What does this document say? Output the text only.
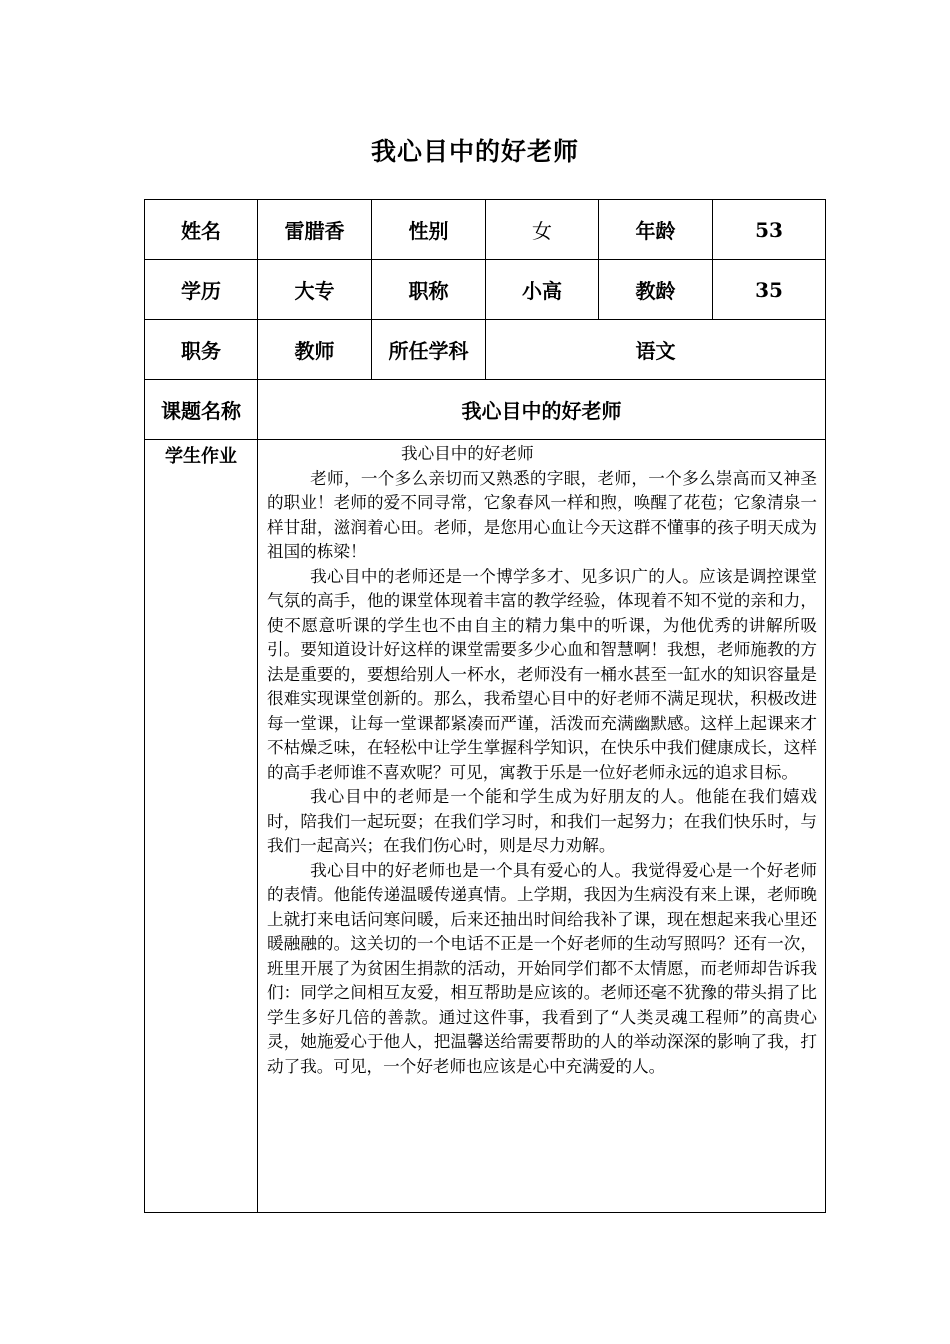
我心目中的好老师
姓名	雷腊香	性别	女	年龄	53
学历	大专	职称	小高	教龄	35
职务	教师	所任学科	语文		
课题名称	我心目中的好老师				
学生作业	我心目中的好老师

老师，一个多么亲切而又熟悉的字眼，老师，一个多么崇高而又神圣的职业！老师的爱不同寻常，它象春风一样和煦，唤醒了花苞；它象清泉一样甘甜，滋润着心田。老师，是您用心血让今天这群不懂事的孩子明天成为祖国的栋梁！

我心目中的老师还是一个博学多才、见多识广的人。应该是调控课堂气氛的高手，他的课堂体现着丰富的教学经验，体现着不知不觉的亲和力，使不愿意听课的学生也不由自主的精力集中的听课，为他优秀的讲解所吸引。要知道设计好这样的课堂需要多少心血和智慧啊！我想，老师施教的方法是重要的，要想给别人一杯水，老师没有一桶水甚至一缸水的知识容量是很难实现课堂创新的。那么，我希望心目中的好老师不满足现状，积极改进每一堂课，让每一堂课都紧凑而严谨，活泼而充满幽默感。这样上起课来才不枯燥乏味，在轻松中让学生掌握科学知识，在快乐中我们健康成长，这样的高手老师谁不喜欢呢？可见，寓教于乐是一位好老师永远的追求目标。

我心目中的老师是一个能和学生成为好朋友的人。他能在我们嬉戏时，陪我们一起玩耍；在我们学习时，和我们一起努力；在我们快乐时，与我们一起高兴；在我们伤心时，则是尽力劝解。

我心目中的好老师也是一个具有爱心的人。我觉得爱心是一个好老师的表情。他能传递温暖传递真情。上学期，我因为生病没有来上课，老师晚上就打来电话问寒问暖，后来还抽出时间给我补了课，现在想起来我心里还暖融融的。这关切的一个电话不正是一个好老师的生动写照吗？还有一次，班里开展了为贫困生捐款的活动，开始同学们都不太情愿，而老师却告诉我们：同学之间相互友爱，相互帮助是应该的。老师还毫不犹豫的带头捐了比学生多好几倍的善款。通过这件事，我看到了“人类灵魂工程师”的高贵心灵，她施爱心于他人，把温馨送给需要帮助的人的举动深深的影响了我，打动了我。可见，一个好老师也应该是心中充满爱的人。				
